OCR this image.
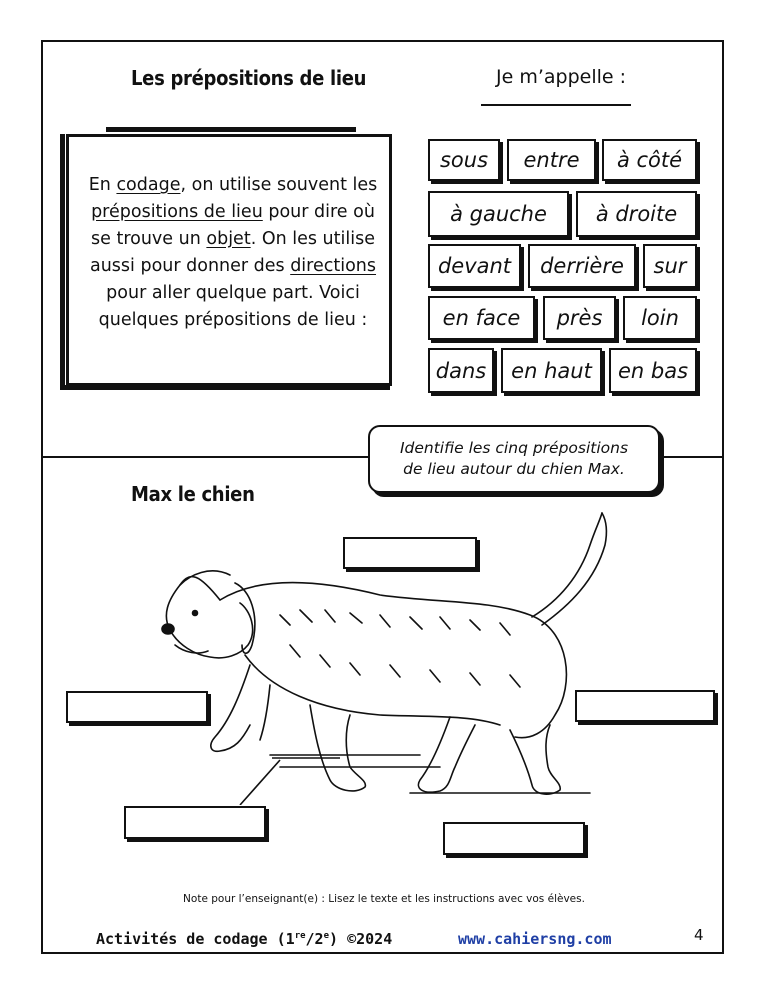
Les prépositions de lieu	Je m’appelle :
En codage, on utilise souvent les prépositions de lieu pour dire où se trouve un objet. On les utilise aussi pour donner des directions pour aller quelque part. Voici quelques prépositions de lieu :
sous	entre	à côté
à gauche	à droite
devant	derrière	sur
en face	près	loin
dans	en haut	en bas
Identifie les cinq prépositions
de lieu autour du chien Max.
Max le chien
Note pour l’enseignant(e) : Lisez le texte et les instructions avec vos élèves.
Activités de codage (1re/2e) ©2024	www.cahiersng.com	4
